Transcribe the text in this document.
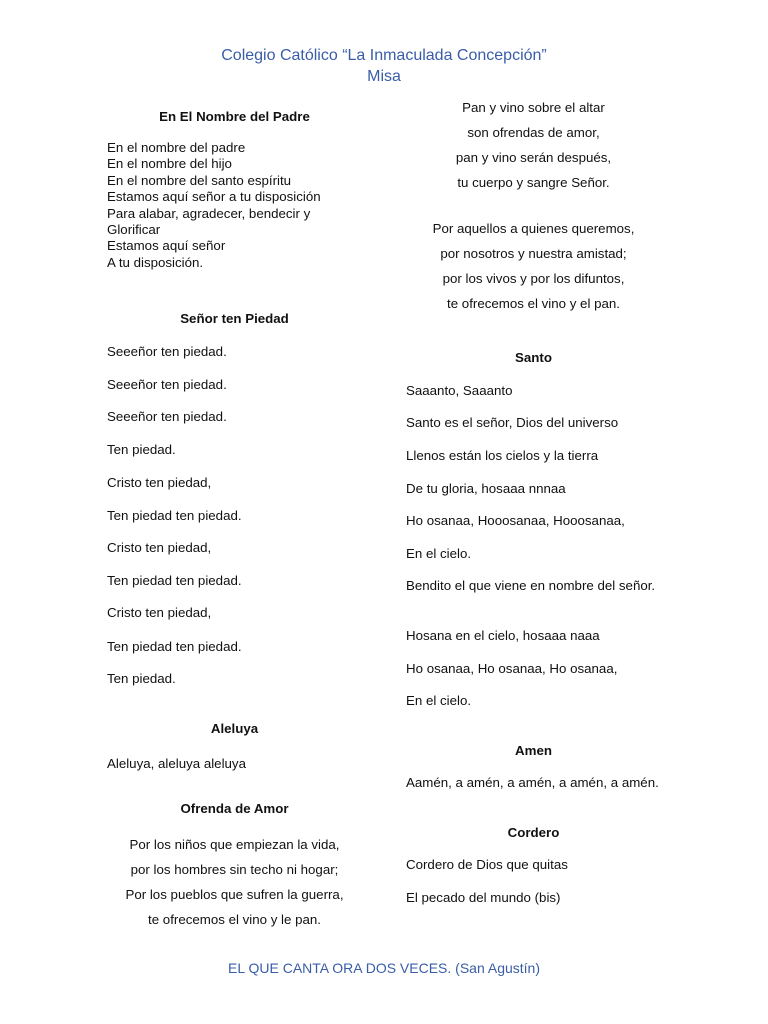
Colegio Católico “La Inmaculada Concepción”
Misa
En El Nombre del Padre
En el nombre del padre
En el nombre del hijo
En el nombre del santo espíritu
Estamos aquí señor a tu disposición
Para alabar, agradecer, bendecir y
Glorificar
Estamos aquí señor
A tu disposición.
Señor ten Piedad
Seeeñor ten piedad.
Seeeñor ten piedad.
Seeeñor ten piedad.
Ten piedad.
Cristo ten piedad,
Ten piedad ten piedad.
Cristo ten piedad,
Ten piedad ten piedad.
Cristo ten piedad,
Ten piedad ten piedad.
Ten piedad.
Aleluya
Aleluya, aleluya aleluya
Ofrenda de Amor
Por los niños que empiezan la vida,
por los hombres sin techo ni hogar;
Por los pueblos que sufren la guerra,
te ofrecemos el vino y le pan.
Pan y vino sobre el altar
son ofrendas de amor,
pan y vino serán después,
tu cuerpo y sangre Señor.
Por aquellos a quienes queremos,
por nosotros y nuestra amistad;
por los vivos y por los difuntos,
te ofrecemos el vino y el pan.
Santo
Saaanto, Saaanto
Santo es el señor, Dios del universo
Llenos están los cielos y la tierra
De tu gloria, hosaaa nnnaa
Ho osanaa, Hooosanaa, Hooosanaa,
En el cielo.
Bendito el que viene en nombre del señor.
Hosana en el cielo, hosaaa naaa
Ho osanaa, Ho osanaa, Ho osanaa,
En el cielo.
Amen
Aamén, a amén, a amén, a amén, a amén.
Cordero
Cordero de Dios que quitas
El pecado del mundo (bis)
EL QUE CANTA ORA DOS VECES. (San Agustín)
